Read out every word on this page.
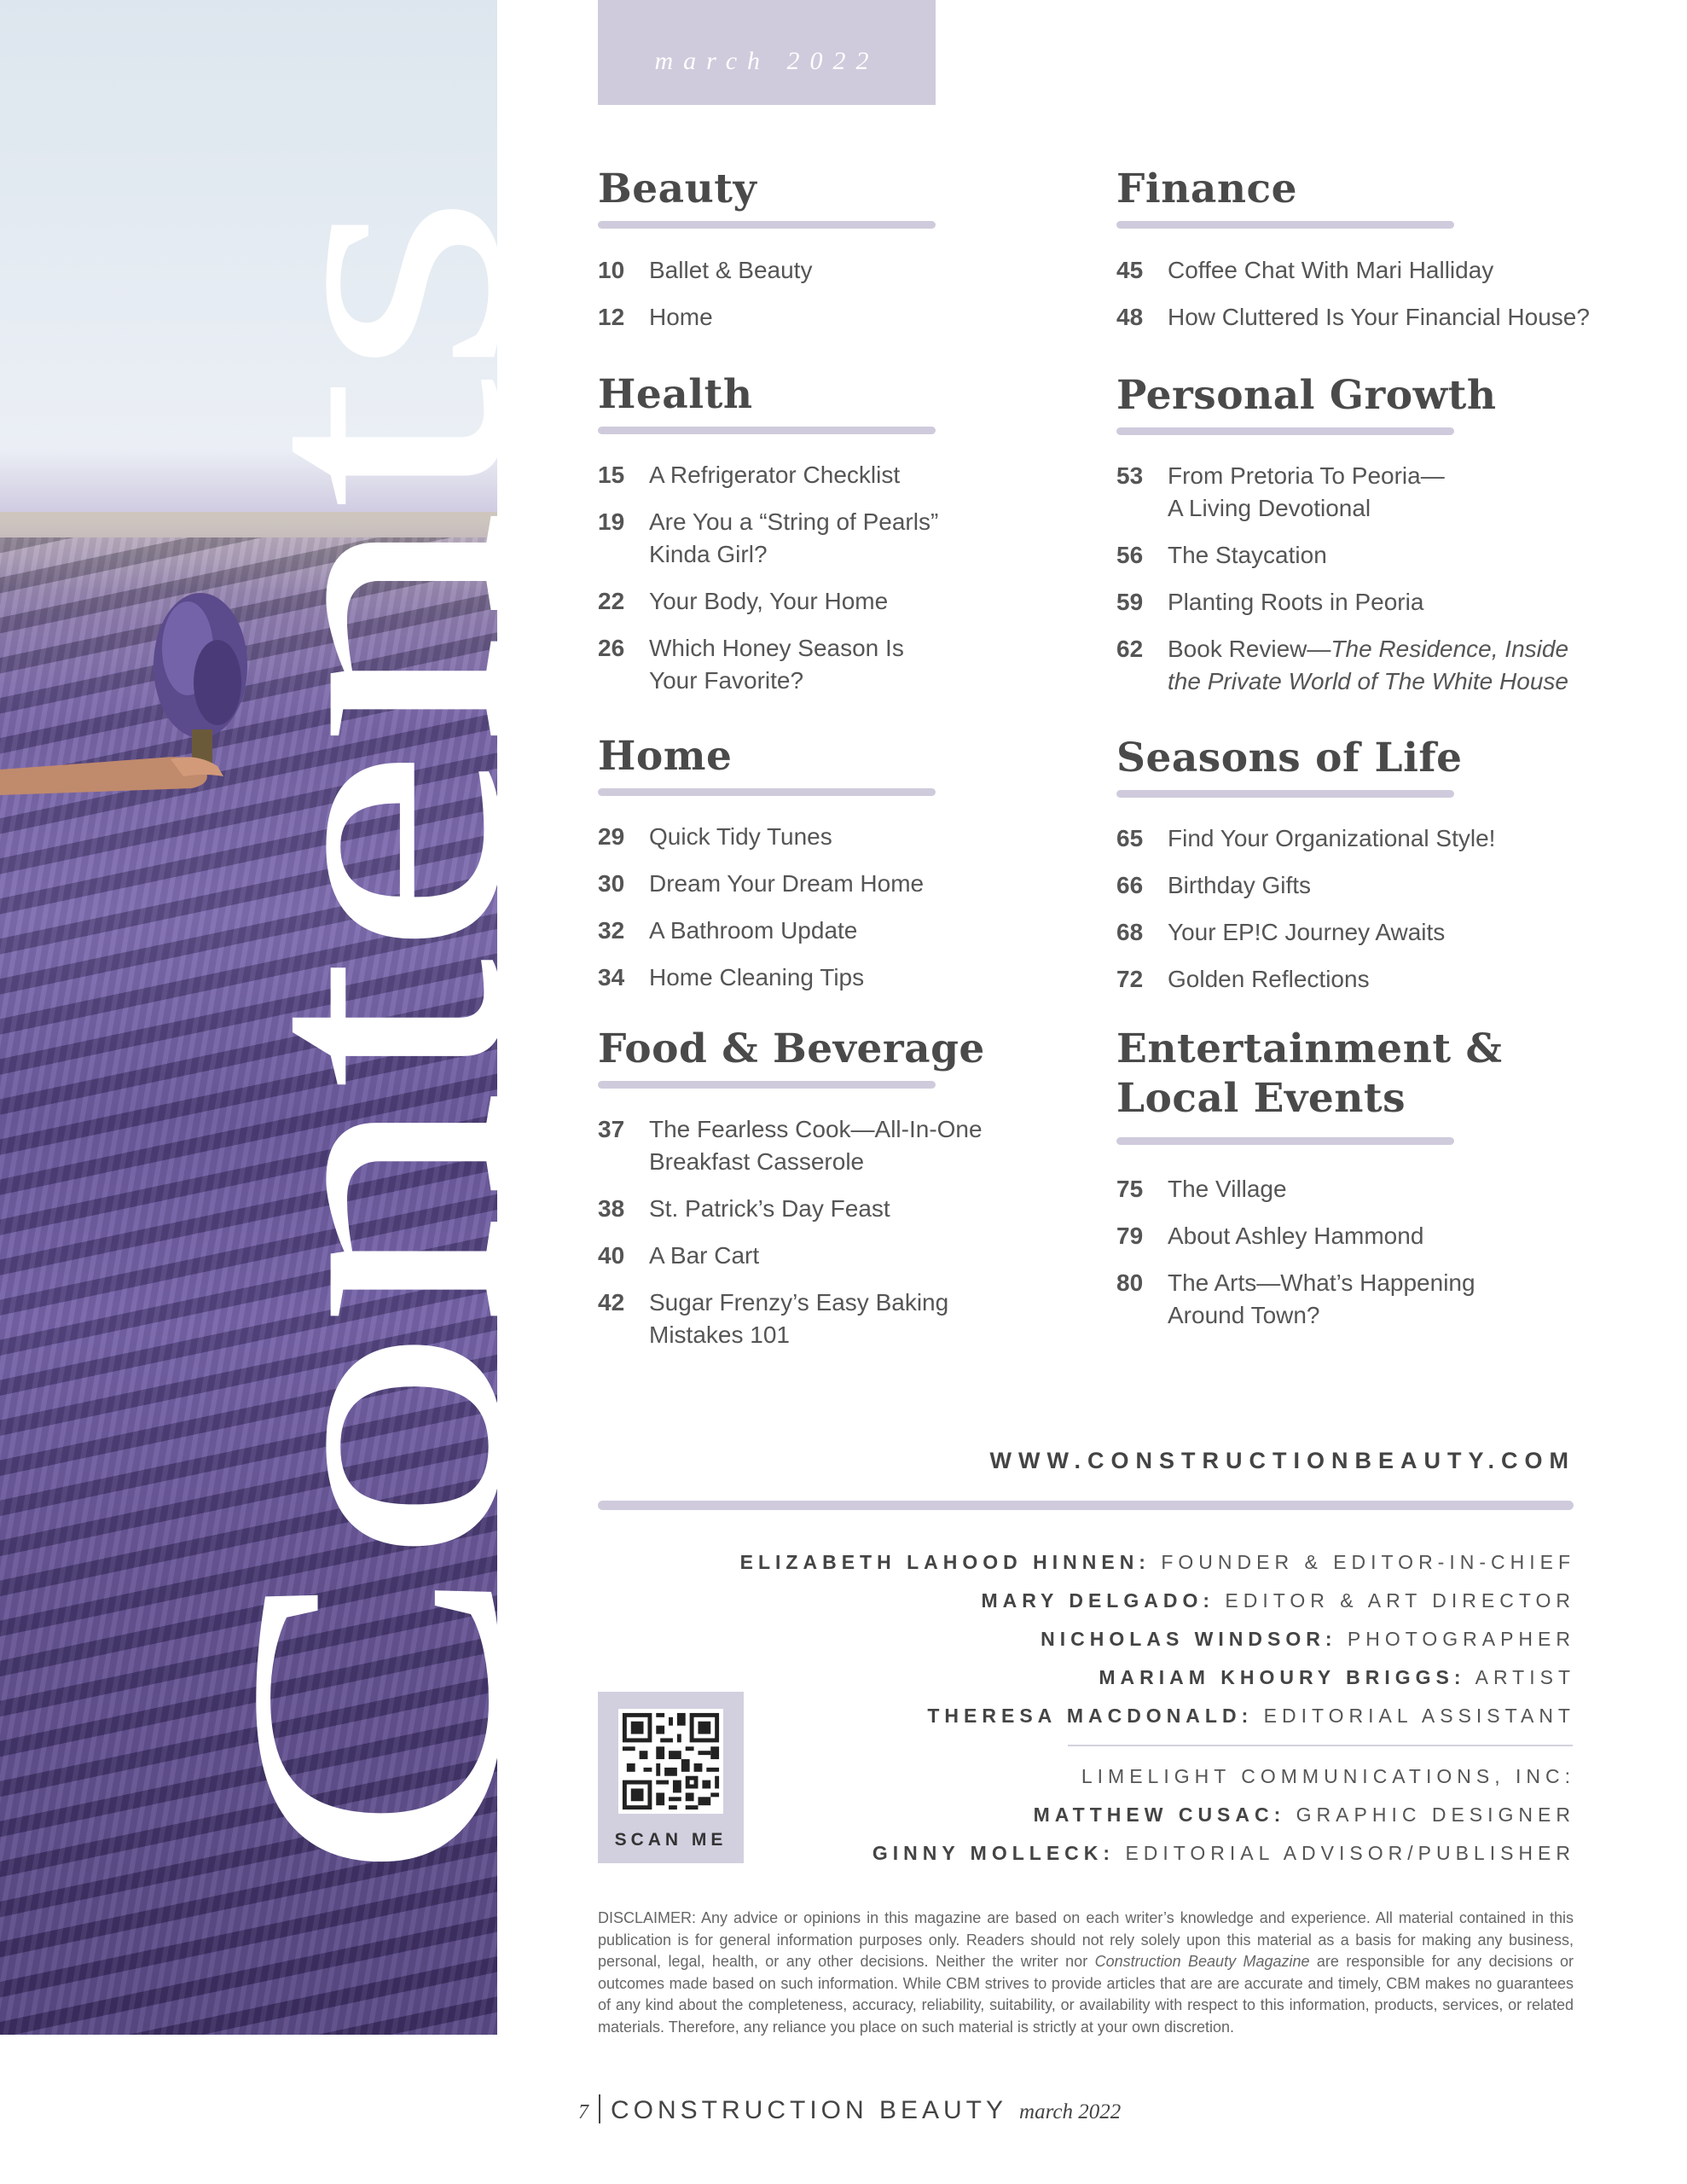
Contents
march 2022
Beauty
10	Ballet & Beauty
12	Home
Health
15	A Refrigerator Checklist
19	Are You a “String of Pearls”
Kinda Girl?
22	Your Body, Your Home
26	Which Honey Season Is
Your Favorite?
Home
29	Quick Tidy Tunes
30	Dream Your Dream Home
32	A Bathroom Update
34	Home Cleaning Tips
Food & Beverage
37	The Fearless Cook—All-In-One
Breakfast Casserole
38	St. Patrick’s Day Feast
40	A Bar Cart
42	Sugar Frenzy’s Easy Baking
Mistakes 101
Finance
45	Coffee Chat With Mari Halliday
48	How Cluttered Is Your Financial House?
Personal Growth
53	From Pretoria To Peoria—
A Living Devotional
56	The Staycation
59	Planting Roots in Peoria
62	Book Review—The Residence, Inside
the Private World of The White House
Seasons of Life
65	Find Your Organizational Style!
66	Birthday Gifts
68	Your EP!C Journey Awaits
72	Golden Reflections
Entertainment &
Local Events
75	The Village
79	About Ashley Hammond
80	The Arts—What’s Happening
Around Town?
WWW.CONSTRUCTIONBEAUTY.COM
ELIZABETH LAHOOD HINNEN: FOUNDER & EDITOR-IN-CHIEF
MARY DELGADO: EDITOR & ART DIRECTOR
NICHOLAS WINDSOR: PHOTOGRAPHER
MARIAM KHOURY BRIGGS: ARTIST
THERESA MACDONALD: EDITORIAL ASSISTANT
LIMELIGHT COMMUNICATIONS, INC:
MATTHEW CUSAC: GRAPHIC DESIGNER
GINNY MOLLECK: EDITORIAL ADVISOR/PUBLISHER
SCAN ME
DISCLAIMER: Any advice or opinions in this magazine are based on each writer’s knowledge and experience. All material contained in this publication is for general information purposes only. Readers should not rely solely upon this material as a basis for making any business, personal, legal, health, or any other decisions. Neither the writer nor Construction Beauty Magazine are responsible for any decisions or outcomes made based on such information. While CBM strives to provide articles that are are accurate and timely, CBM makes no guarantees of any kind about the completeness, accuracy, reliability, suitability, or availability with respect to this information, products, services, or related materials. Therefore, any reliance you place on such material is strictly at your own discretion.
7 CONSTRUCTION BEAUTY march 2022
